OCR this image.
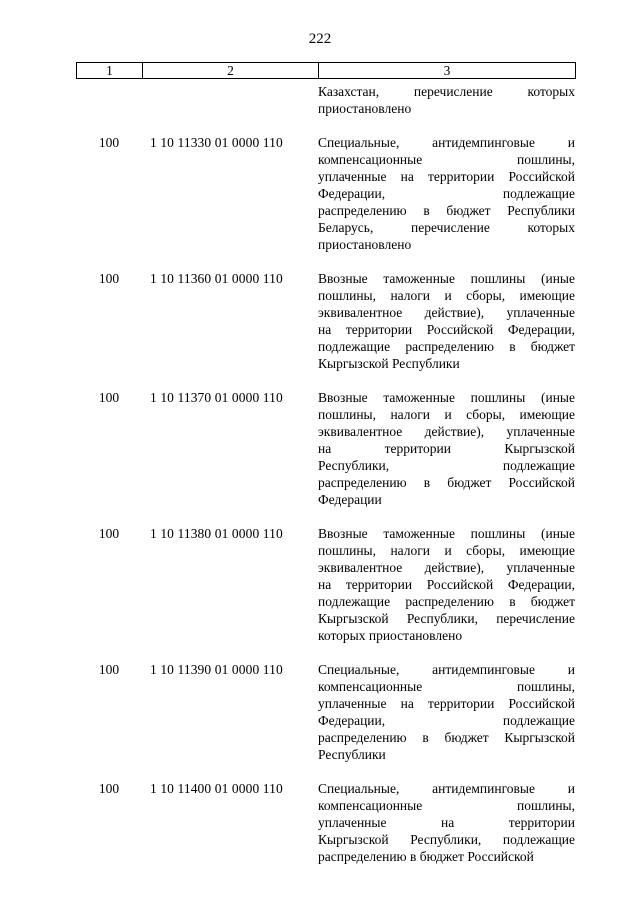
222
1	2	3
Казахстан, перечисление которых
приостановлено
100	1 10 11330 01 0000 110	Специальные, антидемпинговые и
компенсационные пошлины,
уплаченные на территории Российской
Федерации, подлежащие
распределению в бюджет Республики
Беларусь, перечисление которых
приостановлено
100	1 10 11360 01 0000 110	Ввозные таможенные пошлины (иные
пошлины, налоги и сборы, имеющие
эквивалентное действие), уплаченные
на территории Российской Федерации,
подлежащие распределению в бюджет
Кыргызской Республики
100	1 10 11370 01 0000 110	Ввозные таможенные пошлины (иные
пошлины, налоги и сборы, имеющие
эквивалентное действие), уплаченные
на территории Кыргызской
Республики, подлежащие
распределению в бюджет Российской
Федерации
100	1 10 11380 01 0000 110	Ввозные таможенные пошлины (иные
пошлины, налоги и сборы, имеющие
эквивалентное действие), уплаченные
на территории Российской Федерации,
подлежащие распределению в бюджет
Кыргызской Республики, перечисление
которых приостановлено
100	1 10 11390 01 0000 110	Специальные, антидемпинговые и
компенсационные пошлины,
уплаченные на территории Российской
Федерации, подлежащие
распределению в бюджет Кыргызской
Республики
100	1 10 11400 01 0000 110	Специальные, антидемпинговые и
компенсационные пошлины,
уплаченные на территории
Кыргызской Республики, подлежащие
распределению в бюджет Российской
